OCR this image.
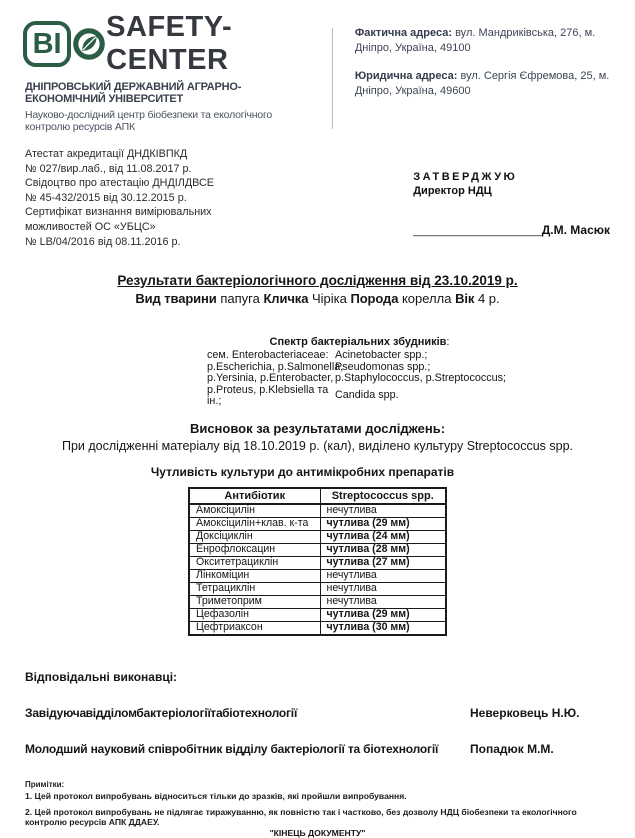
BI
SAFETY-CENTER
ДНІПРОВСЬКИЙ ДЕРЖАВНИЙ АГРАРНО-ЕКОНОМІЧНИЙ УНІВЕРСИТЕТ
Науково-дослідний центр біобезпеки та екологічного контролю ресурсів АПК

Фактична адреса: вул. Мандриківська, 276, м. Дніпро, Україна, 49100

Юридична адреса: вул. Сергія Єфремова, 25, м. Дніпро, Україна, 49600

Атестат акредитації ДНДКІВПКД
№ 027/вир.лаб., від 11.08.2017 р.
Свідоцтво про атестацію ДНДІЛДВСЕ
№ 45-432/2015 від 30.12.2015 р.
Сертифікат визнання вимірювальних
можливостей ОС «УБЦС»
№ LB/04/2016 від 08.11.2016 р.
ЗАТВЕРДЖУЮ
Директор НДЦ
_____________________Д.М. Масюк
Результати бактеріологічного дослідження від 23.10.2019 р.

Вид тварини папуга Кличка Чіріка Порода корелла Вік 4 р.

Спектр бактеріальних збудників:
сем. Enterobacteriaceae:
p.Escherichia, p.Salmonella,
p.Yersinia, p.Enterobacter,
p.Proteus, p.Klebsiella та
ін.;
Acinetobacter spp.;
Pseudomonas spp.;
p.Staphylococcus, p.Streptococcus;
Candida spp.
Висновок за результатами досліджень:

При дослідженні матеріалу від 18.10.2019 р. (кал), виділено культуру Streptococcus spp.

Чутливість культури до антимікробних препаратів
Антибіотик	Streptococcus spp.
Амоксіцилін	нечутлива
Амоксіцилін+клав. к-та	чутлива (29 мм)
Доксіциклін	чутлива (24 мм)
Енрофлоксацин	чутлива (28 мм)
Окситетрациклін	чутлива (27 мм)
Лінкоміцин	нечутлива
Тетрациклін	нечутлива
Триметоприм	нечутлива
Цефазолін	чутлива (29 мм)
Цефтриаксон	чутлива (30 мм)
Відповідальні виконавці:
Завідуюча відділом бактеріології та біотехнології	Неверковець Н.Ю.
Молодший науковий співробітник відділу бактеріології та біотехнології	Попадюк М.М.
Примітки:
1. Цей протокол випробувань відноситься тільки до зразків, які пройшли випробування.
2. Цей протокол випробувань не підлягає тиражуванню, як повністю так і частково, без дозволу НДЦ біобезпеки та екологічного контролю ресурсів АПК ДДАЕУ.
"КІНЕЦЬ ДОКУМЕНТУ"
